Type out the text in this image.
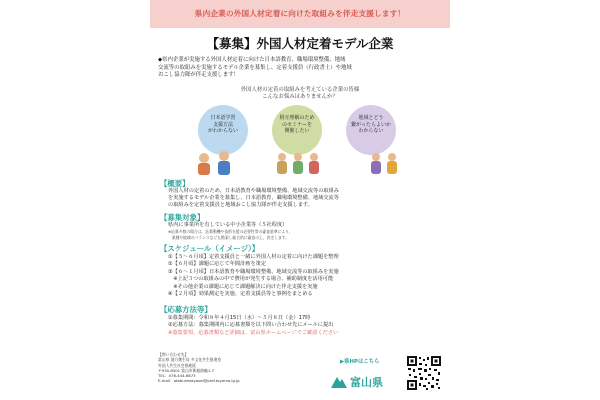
県内企業の外国人材定着に向けた取組みを伴走支援します！
【募集】外国人材定着モデル企業
◆県内企業が実施する外国人材定着に向けた日本語教育、職場環境整備、地域
交流等の取組みを実施するモデル企業を募集し、定着支援員（行政書士）や地域
おこし協力隊が伴走支援します！
外国人材の定着の取組みを考えている企業の皆様
こんなお悩みはありませんか？
日本語学習
支援方法
がわからない
相互理解のため
のセミナーを
開催したい
地域とどう
繋がったらよいか
わからない
【概要】
外国人材の定着のため、日本語教育や職場環境整備、地域交流等の取組み
を実施するモデル企業を募集し、日本語教育、職場環境整備、地域交流等
の取組みを定着支援員と地域おこし協力隊が伴走支援します。
【募集対象】
県内に事業所を有している中小企業等（５社程度）
※応募多数の場合は、応募動機や技術支援の必要性等の審査基準により、
　業種や地域のバランスなども勘案し総合的に審査の上、決定します。
【スケジュール（イメージ）】
①【５～６月頃】定着支援員と一緒に外国人材の定着に向けた課題を整理
②【６月頃】課題に応じて年間計画を策定
③【６～１月頃】日本語教育や職場環境整備、地域交流等の取組みを実施
　※上記３つの取組みの中で費用が発生する場合、補助制度を活用可能
　※その他企業の課題に応じて課題解決に向けた伴走支援を実施
④【２月頃】効果測定を実施、定着支援員等と事例をまとめる
【応募方法等】
①募集期間：令和８年４月15日（水）～５月８日（金）17時
②応募方法：募集期間内に応募書類を以下問い合わせ先にメールに提出
※募集要項、応募書類など詳細は、富山県ホームページでご確認ください
【問い合わせ先】
富山県 地方創生局 多文化共生推進室
外国人共生社会推進班
〒930-8501 富山市新総曲輪1-7
TEL：076-444-6873
E-mail：atabunkakyosei@pref.toyama.lg.jp
▶県HPはこちら
富山県
